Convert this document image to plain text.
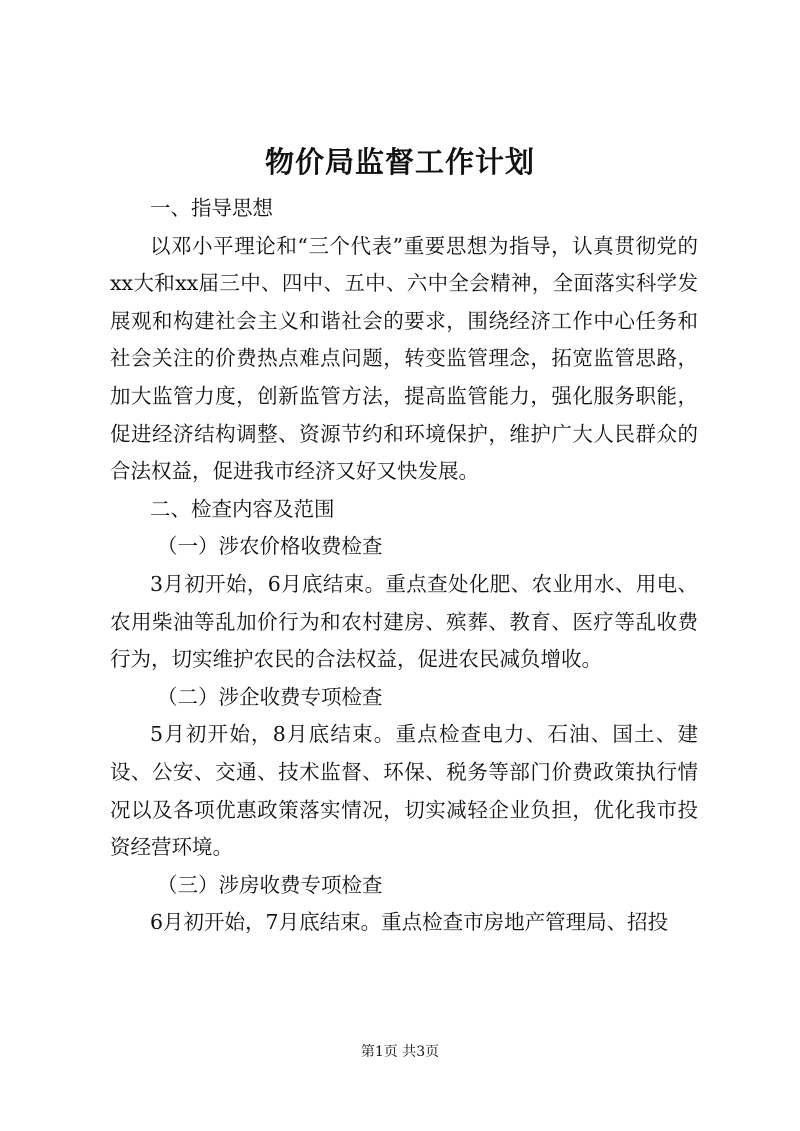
物价局监督工作计划

一、指导思想

以邓小平理论和“三个代表”重要思想为指导，认真贯彻党的xx大和xx届三中、四中、五中、六中全会精神，全面落实科学发展观和构建社会主义和谐社会的要求，围绕经济工作中心任务和社会关注的价费热点难点问题，转变监管理念，拓宽监管思路，加大监管力度，创新监管方法，提高监管能力，强化服务职能，促进经济结构调整、资源节约和环境保护，维护广大人民群众的合法权益，促进我市经济又好又快发展。

二、检查内容及范围

（一）涉农价格收费检查

3月初开始，6月底结束。重点查处化肥、农业用水、用电、农用柴油等乱加价行为和农村建房、殡葬、教育、医疗等乱收费行为，切实维护农民的合法权益，促进农民减负增收。

（二）涉企收费专项检查

5月初开始，8月底结束。重点检查电力、石油、国土、建设、公安、交通、技术监督、环保、税务等部门价费政策执行情况以及各项优惠政策落实情况，切实减轻企业负担，优化我市投资经营环境。

（三）涉房收费专项检查

6月初开始，7月底结束。重点检查市房地产管理局、招投

第1页 共3页
